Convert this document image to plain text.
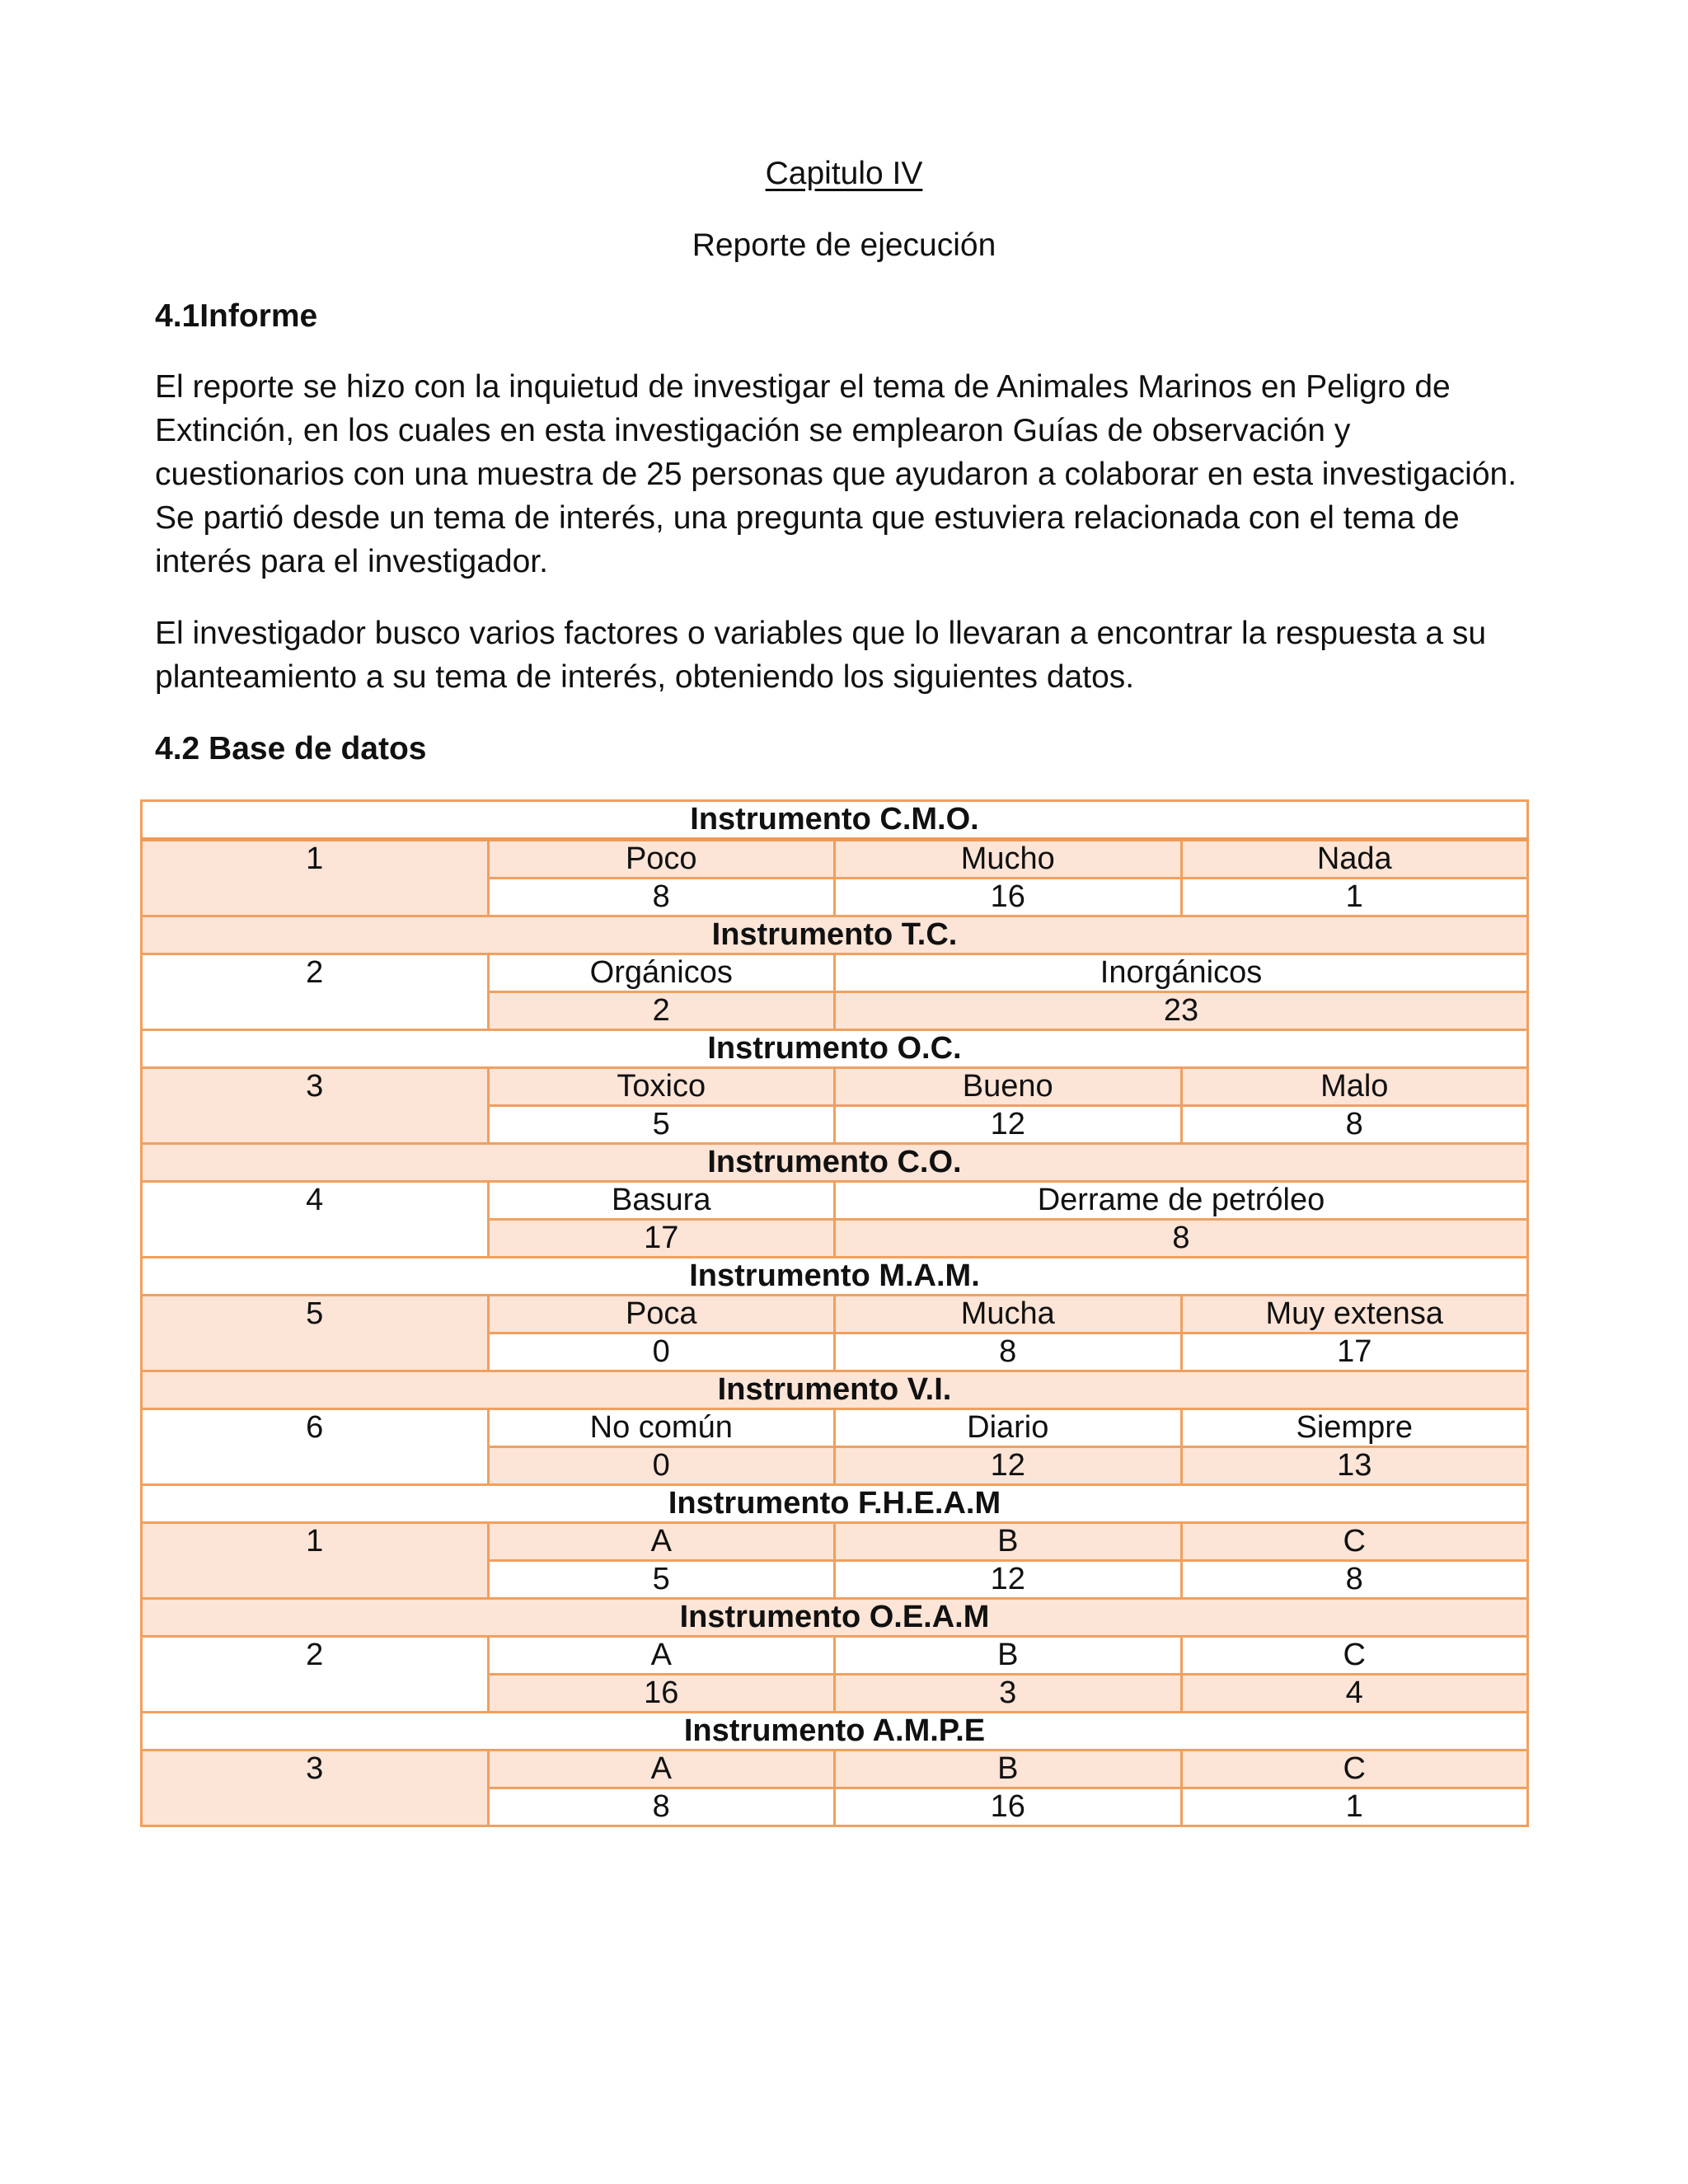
Capitulo IV
Reporte de ejecución
4.1Informe

El reporte se hizo con la inquietud de investigar el tema de Animales Marinos en Peligro de Extinción, en los cuales en esta investigación se emplearon Guías de observación y cuestionarios con una muestra de 25 personas que ayudaron a colaborar en esta investigación. Se partió desde un tema de interés, una pregunta que estuviera relacionada con el tema de interés para el investigador.

El investigador busco varios factores o variables que lo llevaran a encontrar la respuesta a su planteamiento a su tema de interés, obteniendo los siguientes datos.

4.2 Base de datos
Instrumento C.M.O.			
1	Poco	Mucho	Nada
	8	16	1
Instrumento T.C.			
2	Orgánicos	Inorgánicos	
	2	23	
Instrumento O.C.			
3	Toxico	Bueno	Malo
	5	12	8
Instrumento C.O.			
4	Basura	Derrame de petróleo	
	17	8	
Instrumento M.A.M.			
5	Poca	Mucha	Muy extensa
	0	8	17
Instrumento V.I.			
6	No común	Diario	Siempre
	0	12	13
Instrumento F.H.E.A.M			
1	A	B	C
	5	12	8
Instrumento O.E.A.M			
2	A	B	C
	16	3	4
Instrumento A.M.P.E			
3	A	B	C
	8	16	1
